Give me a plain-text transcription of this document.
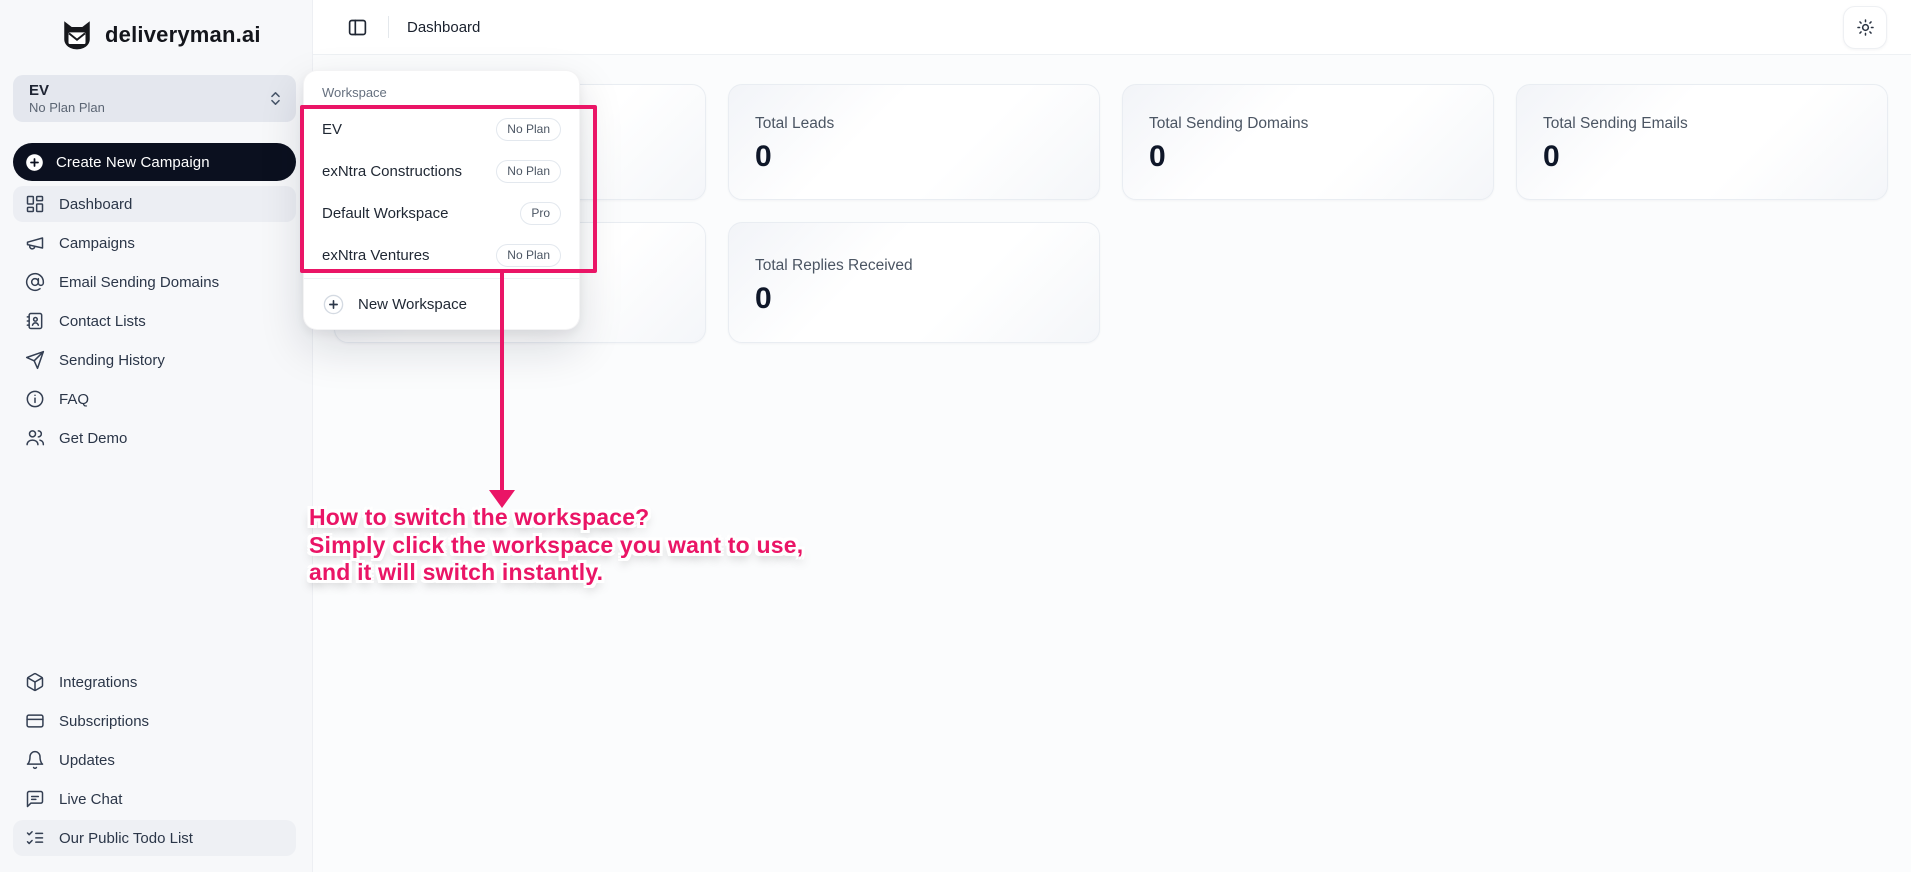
deliveryman.ai
EV
No Plan Plan
Create New Campaign
Dashboard
Campaigns
Email Sending Domains
Contact Lists
Sending History
FAQ
Get Demo
Integrations
Subscriptions
Updates
Live Chat
Our Public Todo List
Dashboard
Total Leads
0
Total Sending Domains
0
Total Sending Emails
0
Total Replies Received
0
Workspace
EV	No Plan
exNtra Constructions	No Plan
Default Workspace	Pro
exNtra Ventures	No Plan
New Workspace
How to switch the workspace?
Simply click the workspace you want to use,
and it will switch instantly.
